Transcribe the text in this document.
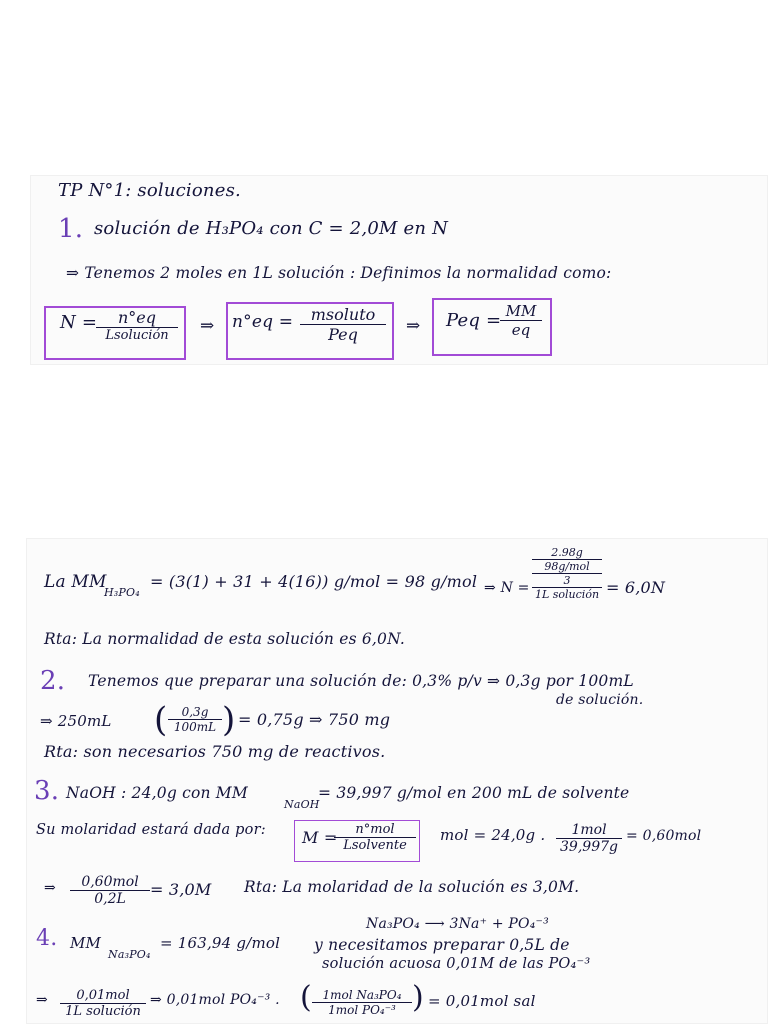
TP N°1: soluciones.
1. solución de H₃PO₄ con C = 2,0M en N
⇒ Tenemos 2 moles en 1L solución : Definimos la normalidad como:
N =	n°eq
Lsolución	⇒ n°eq =	msoluto
Peq	⇒ Peq =
$\frac{MM}{eq}$
La MM
H₃PO₄
= (3(1) + 31 + 4(16)) g/mol = 98 g/mol ⇒ N =
2.98g
98g/mol
3
1L solución = 6,0N
Rta: La normalidad de esta solución es 6,0N.
2. Tenemos que preparar una solución de: 0,3% p/v ⇒ 0,3g por 100mL
de solución.
⇒ 250mL ( $\frac{0,3g}{100mL}$ ) = 0,75g ⇒ 750 mg
Rta: son necesarios 750 mg de reactivos.
3. NaOH : 24,0g con MM
NaOH
= 39,997 g/mol en 200 mL de solvente
Su molaridad estará dada por: M =	n°mol
Lsolvente
mol = 24,0g .	1mol
39,997g
= 0,60mol
⇒	0,60mol
0,2L	= 3,0M Rta: La molaridad de la solución es 3,0M.
Na₃PO₄ ⟶ 3Na⁺ + PO₄⁻³
4. MM
Na₃PO₄
= 163,94 g/mol y necesitamos preparar 0,5L de
solución acuosa 0,01M de las PO₄⁻³
⇒	0,01mol
1L solución
⇒ 0,01mol PO₄⁻³ . ( 1mol Na₃PO₄
1mol PO₄⁻³ ) = 0,01mol sal
